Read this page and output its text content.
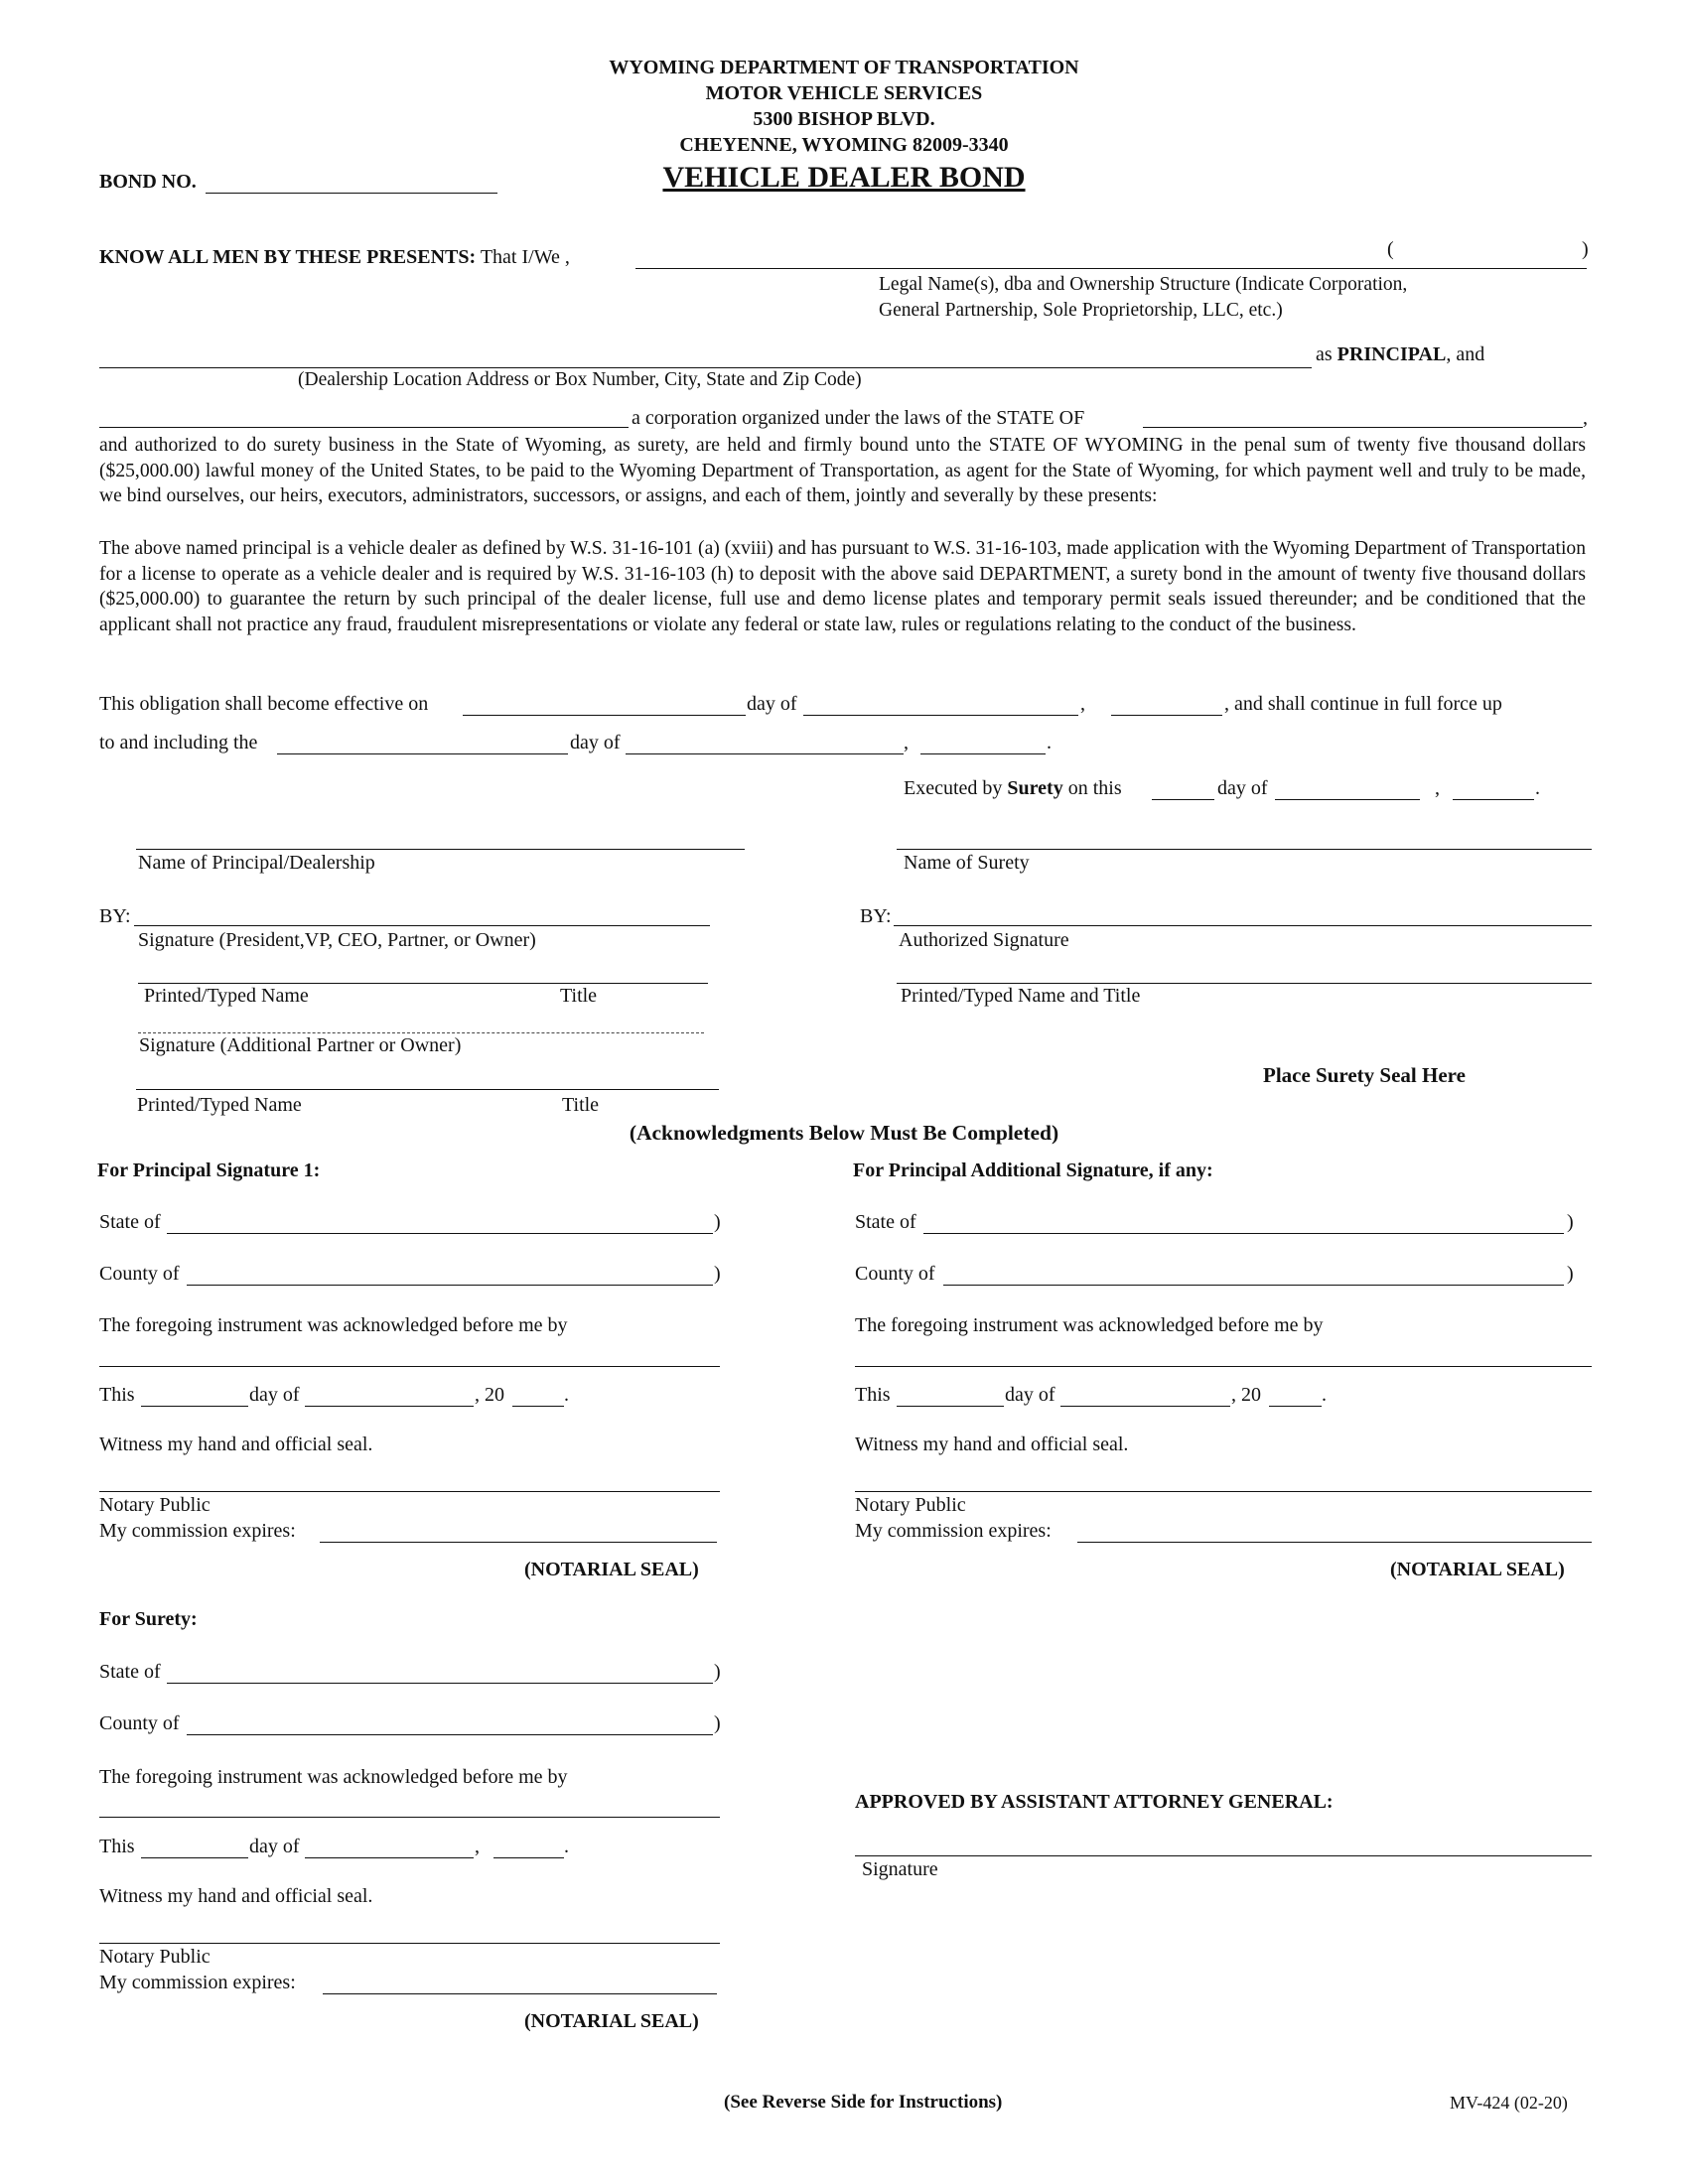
WYOMING DEPARTMENT OF TRANSPORTATION
MOTOR VEHICLE SERVICES
5300 BISHOP BLVD.
CHEYENNE, WYOMING 82009-3340
VEHICLE DEALER BOND
BOND NO.
KNOW ALL MEN BY THESE PRESENTS: That I/We ,	(	)
Legal Name(s), dba and Ownership Structure (Indicate Corporation,
General Partnership, Sole Proprietorship, LLC, etc.)
as PRINCIPAL, and
(Dealership Location Address or Box Number, City, State and Zip Code)
a corporation organized under the laws of the STATE OF	,
and authorized to do surety business in the State of Wyoming, as surety, are held and firmly bound unto the STATE OF WYOMING in the penal sum of twenty five thousand dollars ($25,000.00) lawful money of the United States, to be paid to the Wyoming Department of Transportation, as agent for the State of Wyoming, for which payment well and truly to be made, we bind ourselves, our heirs, executors, administrators, successors, or assigns, and each of them, jointly and severally by these presents:
The above named principal is a vehicle dealer as defined by W.S. 31-16-101 (a) (xviii) and has pursuant to W.S. 31-16-103, made application with the Wyoming Department of Transportation for a license to operate as a vehicle dealer and is required by W.S. 31-16-103 (h) to deposit with the above said DEPARTMENT, a surety bond in the amount of twenty five thousand dollars ($25,000.00) to guarantee the return by such principal of the dealer license, full use and demo license plates and temporary permit seals issued thereunder; and be conditioned that the applicant shall not practice any fraud, fraudulent misrepresentations or violate any federal or state law, rules or regulations relating to the conduct of the business.
This obligation shall become effective on	day of	,	, and shall continue in full force up
to and including the	day of	,	.
Executed by Surety on this	day of	,	.
Name of Principal/Dealership	Name of Surety
BY:
Signature (President,VP, CEO, Partner, or Owner)
BY:
Authorized Signature
Printed/Typed Name	Title	Printed/Typed Name and Title
Signature (Additional Partner or Owner)
Place Surety Seal Here
Printed/Typed Name	Title
(Acknowledgments Below Must Be Completed)
For Principal Signature 1:
State of	)
County of	)
The foregoing instrument was acknowledged before me by
This	day of	, 20	.
Witness my hand and official seal.
Notary Public
My commission expires:
(NOTARIAL SEAL)
For Principal Additional Signature, if any:
State of	)
County of	)
The foregoing instrument was acknowledged before me by
This	day of	, 20	.
Witness my hand and official seal.
Notary Public
My commission expires:
(NOTARIAL SEAL)
For Surety:
State of	)
County of	)
The foregoing instrument was acknowledged before me by
This	day of	,	.
Witness my hand and official seal.
Notary Public
My commission expires:
(NOTARIAL SEAL)
APPROVED BY ASSISTANT ATTORNEY GENERAL:
Signature
(See Reverse Side for Instructions)	MV-424 (02-20)
